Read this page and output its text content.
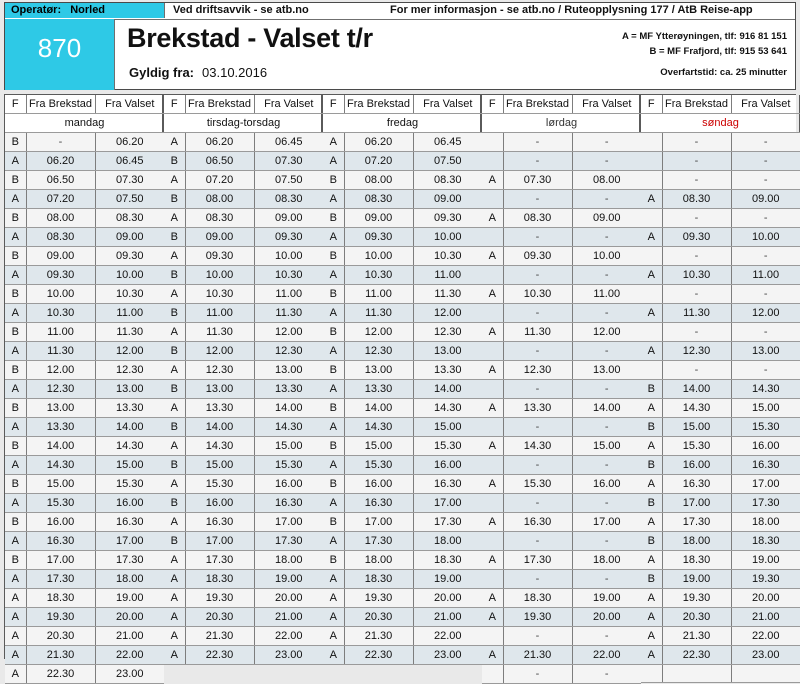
Operatør: Norled	Ved driftsavvik - se atb.no	For mer informasjon - se atb.no / Ruteopplysning 177 / AtB Reise-app
870	Brekstad - Valset t/r
Gyldig fra: 03.10.2016
A = MF Ytterøyningen, tlf: 916 81 151
B = MF Frafjord, tlf: 915 53 641
Overfartstid: ca. 25 minutter
F	Fra Brekstad	Fra Valset
mandag		
B	-	06.20
A	06.20	06.45
B	06.50	07.30
A	07.20	07.50
B	08.00	08.30
A	08.30	09.00
B	09.00	09.30
A	09.30	10.00
B	10.00	10.30
A	10.30	11.00
B	11.00	11.30
A	11.30	12.00
B	12.00	12.30
A	12.30	13.00
B	13.00	13.30
A	13.30	14.00
B	14.00	14.30
A	14.30	15.00
B	15.00	15.30
A	15.30	16.00
B	16.00	16.30
A	16.30	17.00
B	17.00	17.30
A	17.30	18.00
A	18.30	19.00
A	19.30	20.00
A	20.30	21.00
A	21.30	22.00
A	22.30	23.00
F	Fra Brekstad	Fra Valset
tirsdag-torsdag		
A	06.20	06.45
B	06.50	07.30
A	07.20	07.50
B	08.00	08.30
A	08.30	09.00
B	09.00	09.30
A	09.30	10.00
B	10.00	10.30
A	10.30	11.00
B	11.00	11.30
A	11.30	12.00
B	12.00	12.30
A	12.30	13.00
B	13.00	13.30
A	13.30	14.00
B	14.00	14.30
A	14.30	15.00
B	15.00	15.30
A	15.30	16.00
B	16.00	16.30
A	16.30	17.00
B	17.00	17.30
A	17.30	18.00
A	18.30	19.00
A	19.30	20.00
A	20.30	21.00
A	21.30	22.00
A	22.30	23.00
F	Fra Brekstad	Fra Valset
fredag		
A	06.20	06.45
A	07.20	07.50
B	08.00	08.30
A	08.30	09.00
B	09.00	09.30
A	09.30	10.00
B	10.00	10.30
A	10.30	11.00
B	11.00	11.30
A	11.30	12.00
B	12.00	12.30
A	12.30	13.00
B	13.00	13.30
A	13.30	14.00
B	14.00	14.30
A	14.30	15.00
B	15.00	15.30
A	15.30	16.00
B	16.00	16.30
A	16.30	17.00
B	17.00	17.30
A	17.30	18.00
B	18.00	18.30
A	18.30	19.00
A	19.30	20.00
A	20.30	21.00
A	21.30	22.00
A	22.30	23.00
F	Fra Brekstad	Fra Valset
lørdag		
	-	-
	-	-
A	07.30	08.00
	-	-
A	08.30	09.00
	-	-
A	09.30	10.00
	-	-
A	10.30	11.00
	-	-
A	11.30	12.00
	-	-
A	12.30	13.00
	-	-
A	13.30	14.00
	-	-
A	14.30	15.00
	-	-
A	15.30	16.00
	-	-
A	16.30	17.00
	-	-
A	17.30	18.00
	-	-
A	18.30	19.00
A	19.30	20.00
	-	-
A	21.30	22.00
	-	-
F	Fra Brekstad	Fra Valset
søndag		
	-	-
	-	-
	-	-
A	08.30	09.00
	-	-
A	09.30	10.00
	-	-
A	10.30	11.00
	-	-
A	11.30	12.00
	-	-
A	12.30	13.00
	-	-
B	14.00	14.30
A	14.30	15.00
B	15.00	15.30
A	15.30	16.00
B	16.00	16.30
A	16.30	17.00
B	17.00	17.30
A	17.30	18.00
B	18.00	18.30
A	18.30	19.00
B	19.00	19.30
A	19.30	20.00
A	20.30	21.00
A	21.30	22.00
A	22.30	23.00
